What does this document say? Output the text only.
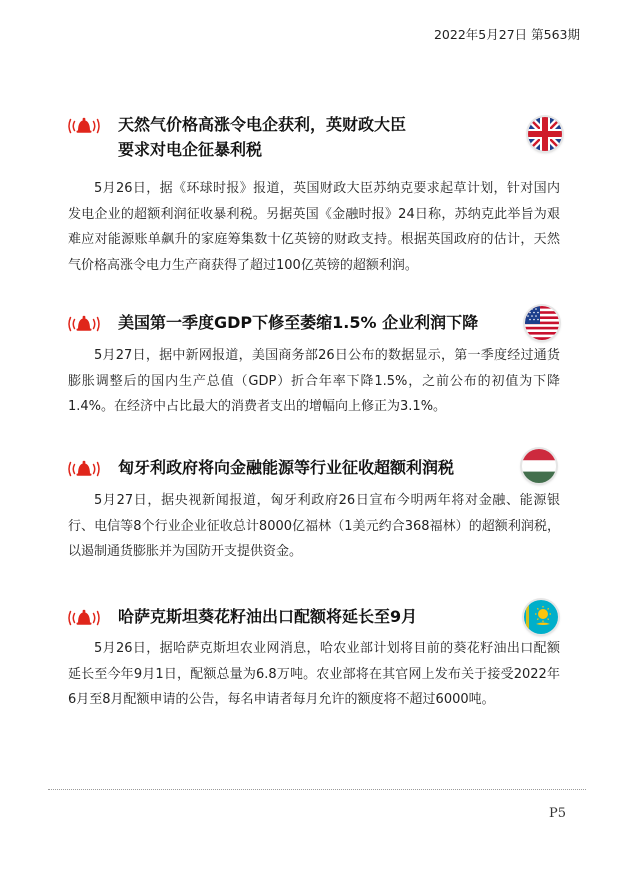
2022年5月27日 第563期
天然气价格高涨令电企获利，英财政大臣
要求对电企征暴利税

5月26日，据《环球时报》报道，英国财政大臣苏纳克要求起草计划，针对国内发电企业的超额利润征收暴利税。另据英国《金融时报》24日称，苏纳克此举旨为艰难应对能源账单飙升的家庭筹集数十亿英镑的财政支持。根据英国政府的估计，天然气价格高涨令电力生产商获得了超过100亿英镑的超额利润。

美国第一季度GDP下修至萎缩1.5% 企业利润下降

5月27日，据中新网报道，美国商务部26日公布的数据显示，第一季度经过通货膨胀调整后的国内生产总值（GDP）折合年率下降1.5%，之前公布的初值为下降1.4%。在经济中占比最大的消费者支出的增幅向上修正为3.1%。

匈牙利政府将向金融能源等行业征收超额利润税

5月27日，据央视新闻报道，匈牙利政府26日宣布今明两年将对金融、能源银行、电信等8个行业企业征收总计8000亿福林（1美元约合368福林）的超额利润税，以遏制通货膨胀并为国防开支提供资金。

哈萨克斯坦葵花籽油出口配额将延长至9月

5月26日，据哈萨克斯坦农业网消息，哈农业部计划将目前的葵花籽油出口配额延长至今年9月1日，配额总量为6.8万吨。农业部将在其官网上发布关于接受2022年6月至8月配额申请的公告，每名申请者每月允许的额度将不超过6000吨。

P5
